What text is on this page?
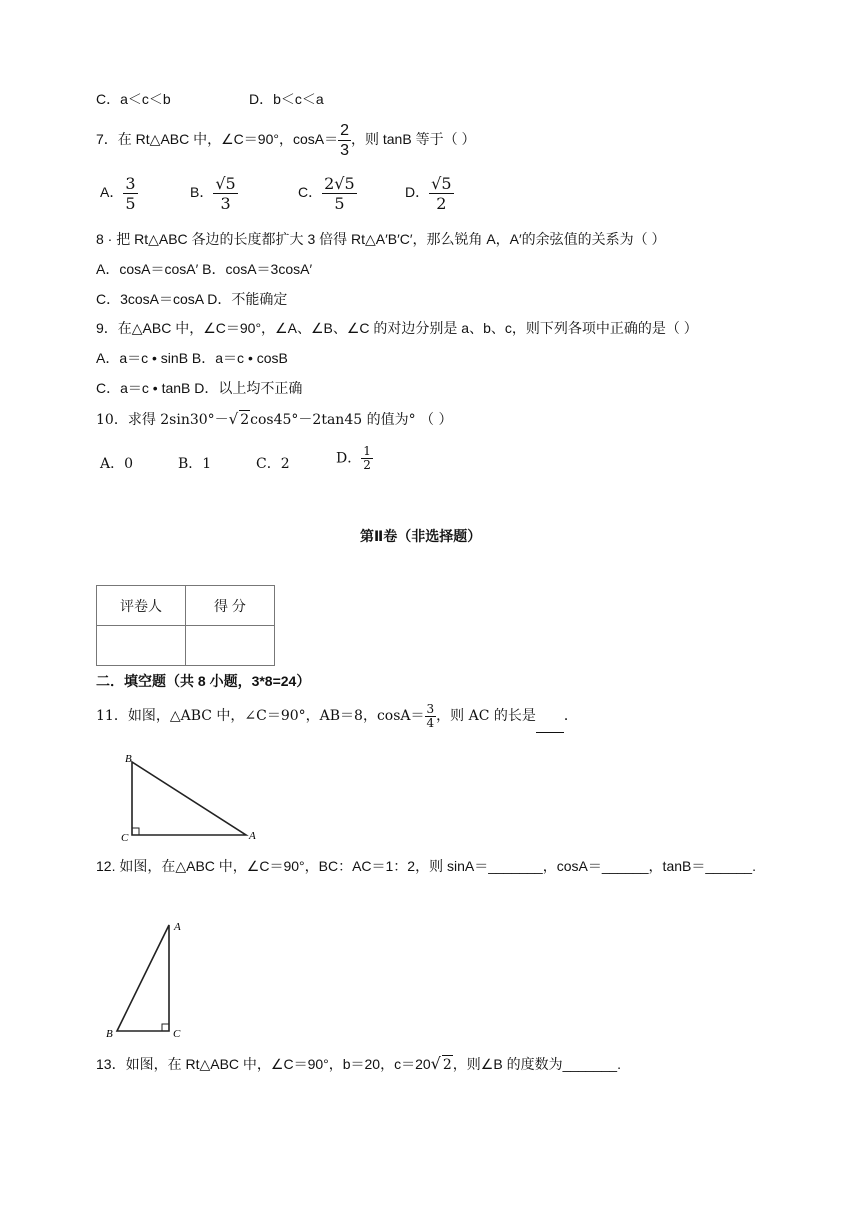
C．a＜c＜b	D．b＜c＜a
7．在 Rt△ABC 中，∠C＝90°，$\cos A= \frac{2}{3}$ ，则 tanB 等于（ ）
A． $\frac{3}{5}$	B． $\frac{√5}{3}$	C． $\frac{2√5}{5}$	D． $\frac{√5}{2}$
8 · 把 Rt△ABC 各边的长度都扩大 3 倍得 Rt△A′B′C′，那么锐角 A，A′的余弦值的关系为（ ）
A．cosA＝cosA′ B．cosA＝3cosA′
C．3cosA＝cosA D．不能确定
9．在△ABC 中，∠C＝90°，∠A、∠B、∠C 的对边分别是 a、b、c，则下列各项中正确的是（ ）
A．a＝c • sinB B．a＝c • cosB
C．a＝c • tanB D．以上均不正确
10．求得 2sin30°－√ 2cos45°－2tan45 的值为° （ ）
A．0	B．1	C．2	D． $\frac{1}{2}$
第Ⅱ卷（非选择题）
评卷人	得 分

二．填空题（共 8 小题，3*8=24）
11．如图，△ABC 中，∠C＝90°，AB＝8，$\cos A= \frac{3}{4}$ ，则 AC 的长是 ．
B
C	A
12. 如图，在△ABC 中，∠C＝90°，BC：AC＝1：2，则 sinA＝_______，cosA＝______，tanB＝______.
A
B	C
13．如图，在 Rt△ABC 中，∠C＝90°，b＝20，c＝20√ 2，则∠B 的度数为_______.
